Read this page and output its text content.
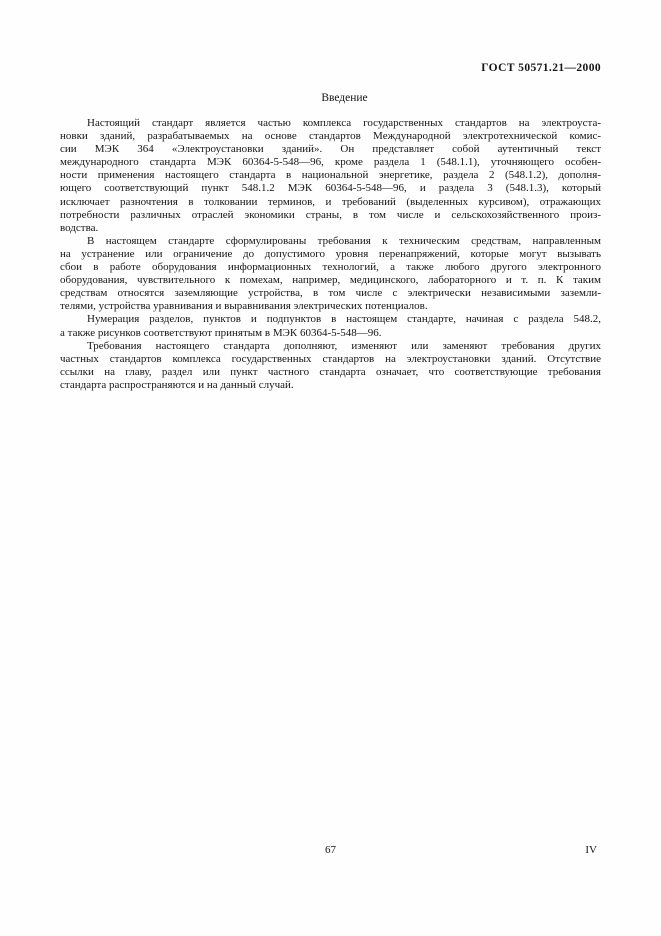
ГОСТ 50571.21—2000
Введение

Настоящий стандарт является частью комплекса государственных стандартов на электроуста-
новки зданий, разрабатываемых на основе стандартов Международной электротехнической комис-
сии МЭК 364 «Электроустановки зданий». Он представляет собой аутентичный текст
международного стандарта МЭК 60364-5-548—96, кроме раздела 1 (548.1.1), уточняющего особен-
ности применения настоящего стандарта в национальной энергетике, раздела 2 (548.1.2), дополня-
ющего соответствующий пункт 548.1.2 МЭК 60364-5-548—96, и раздела 3 (548.1.3), который
исключает разночтения в толковании терминов, и требований (выделенных курсивом), отражающих
потребности различных отраслей экономики страны, в том числе и сельскохозяйственного произ-
водства.

В настоящем стандарте сформулированы требования к техническим средствам, направленным
на устранение или ограничение до допустимого уровня перенапряжений, которые могут вызывать
сбои в работе оборудования информационных технологий, а также любого другого электронного
оборудования, чувствительного к помехам, например, медицинского, лабораторного и т. п. К таким
средствам относятся заземляющие устройства, в том числе с электрически независимыми заземли-
телями, устройства уравнивания и выравнивания электрических потенциалов.

Нумерация разделов, пунктов и подпунктов в настоящем стандарте, начиная с раздела 548.2,
а также рисунков соответствуют принятым в МЭК 60364-5-548—96.

Требования настоящего стандарта дополняют, изменяют или заменяют требования других
частных стандартов комплекса государственных стандартов на электроустановки зданий. Отсутствие
ссылки на главу, раздел или пункт частного стандарта означает, что соответствующие требования
стандарта распространяются и на данный случай.

67	IV
